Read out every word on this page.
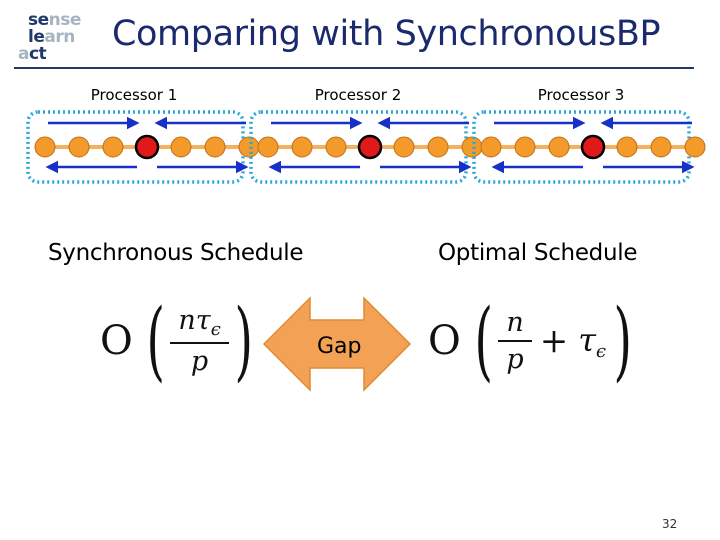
sense
learn
act Comparing with SynchronousBP
Processor 1	Processor 2	Processor 3
Synchronous Schedule	Optimal Schedule
O ( $\frac{n\tau_\epsilon}{p}$ )	O ( $\frac{n}{p} + \tau\epsilon$ )
Gap
32
